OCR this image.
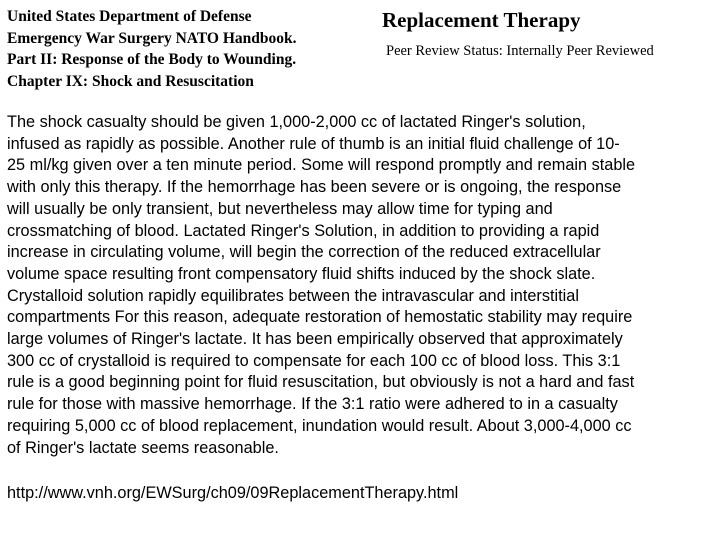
United States Department of Defense
Emergency War Surgery NATO Handbook.
Part II: Response of the Body to Wounding.
Chapter IX: Shock and Resuscitation
Replacement Therapy
Peer Review Status: Internally Peer Reviewed
The shock casualty should be given 1,000-2,000 cc of lactated Ringer's solution,
infused as rapidly as possible. Another rule of thumb is an initial fluid challenge of 10-
25 ml/kg given over a ten minute period. Some will respond promptly and remain stable
with only this therapy. If the hemorrhage has been severe or is ongoing, the response
will usually be only transient, but nevertheless may allow time for typing and
crossmatching of blood. Lactated Ringer's Solution, in addition to providing a rapid
increase in circulating volume, will begin the correction of the reduced extracellular
volume space resulting front compensatory fluid shifts induced by the shock slate.
Crystalloid solution rapidly equilibrates between the intravascular and interstitial
compartments For this reason, adequate restoration of hemostatic stability may require
large volumes of Ringer's lactate. It has been empirically observed that approximately
300 cc of crystalloid is required to compensate for each 100 cc of blood loss. This 3:1
rule is a good beginning point for fluid resuscitation, but obviously is not a hard and fast
rule for those with massive hemorrhage. If the 3:1 ratio were adhered to in a casualty
requiring 5,000 cc of blood replacement, inundation would result. About 3,000-4,000 cc
of Ringer's lactate seems reasonable.
http://www.vnh.org/EWSurg/ch09/09ReplacementTherapy.html
